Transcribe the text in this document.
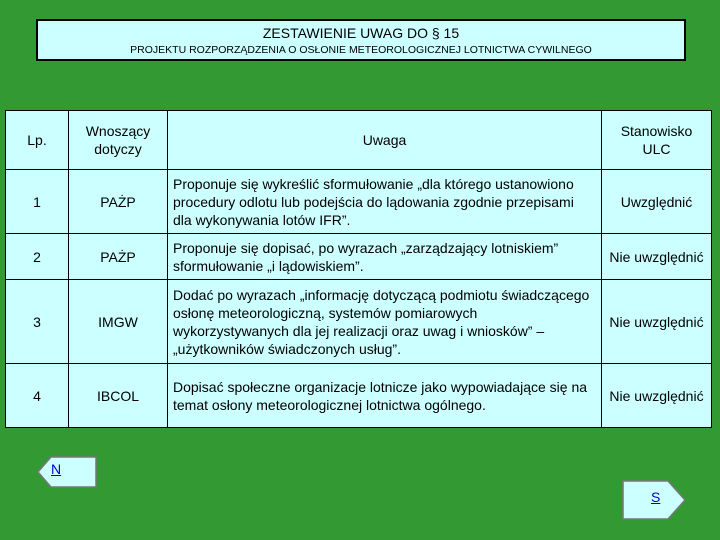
ZESTAWIENIE UWAG DO § 15
PROJEKTU ROZPORZĄDZENIA O OSŁONIE METEOROLOGICZNEJ LOTNICTWA CYWILNEGO
Lp.	Wnoszący dotyczy	Uwaga	Stanowisko ULC
1	PAŻP	Proponuje się wykreślić sformułowanie „dla którego ustanowiono procedury odlotu lub podejścia do lądowania zgodnie przepisami dla wykonywania lotów IFR”.	Uwzględnić
2	PAŻP	Proponuje się dopisać, po wyrazach „zarządzający lotniskiem” sformułowanie „i lądowiskiem”.	Nie uwzględnić
3	IMGW	Dodać po wyrazach „informację dotyczącą podmiotu świadczącego osłonę meteorologiczną, systemów pomiarowych wykorzystywanych dla jej realizacji oraz uwag i wniosków” – „użytkowników świadczonych usług”.	Nie uwzględnić
4	IBCOL	Dopisać społeczne organizacje lotnicze jako wypowiadające się na temat osłony meteorologicznej lotnictwa ogólnego.	Nie uwzględnić
N
S
